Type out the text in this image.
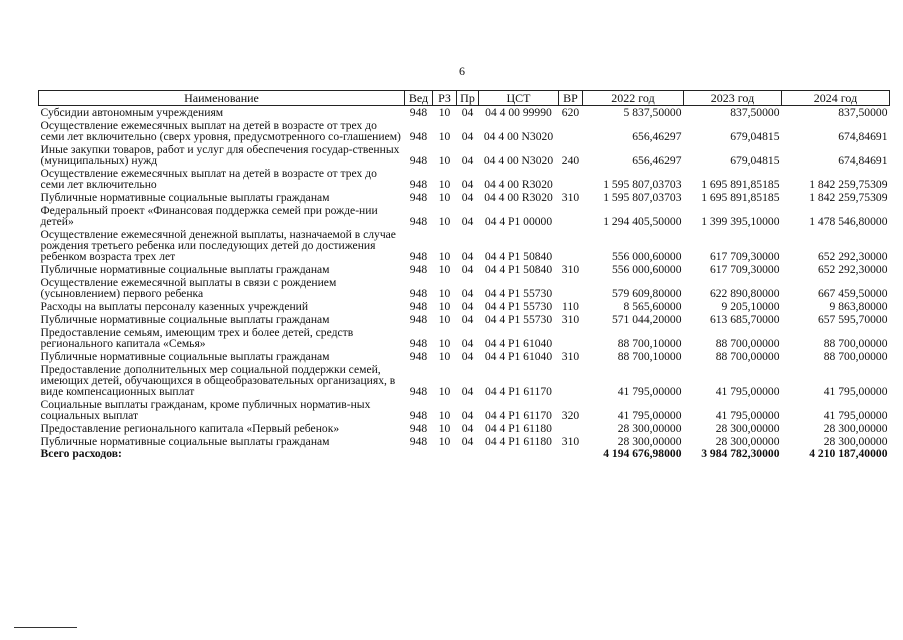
6
Наименование	Вед	РЗ	Пр	ЦСТ	ВР	2022 год	2023 год	2024 год
Субсидии автономным учреждениям	948	10	04	04 4 00 99990	620	5 837,50000	837,50000	837,50000
Осуществление ежемесячных выплат на детей в возрасте от трех до семи лет включительно (сверх уровня, предусмотренного со-глашением)	948	10	04	04 4 00 N3020		656,46297	679,04815	674,84691
Иные закупки товаров, работ и услуг для обеспечения государ-ственных (муниципальных) нужд	948	10	04	04 4 00 N3020	240	656,46297	679,04815	674,84691
Осуществление ежемесячных выплат на детей в возрасте от трех до семи лет включительно	948	10	04	04 4 00 R3020		1 595 807,03703	1 695 891,85185	1 842 259,75309
Публичные нормативные социальные выплаты гражданам	948	10	04	04 4 00 R3020	310	1 595 807,03703	1 695 891,85185	1 842 259,75309
Федеральный проект «Финансовая поддержка семей при рожде-нии детей»	948	10	04	04 4 P1 00000		1 294 405,50000	1 399 395,10000	1 478 546,80000
Осуществление ежемесячной денежной выплаты, назначаемой в случае рождения третьего ребенка или последующих детей до достижения ребенком возраста трех лет	948	10	04	04 4 P1 50840		556 000,60000	617 709,30000	652 292,30000
Публичные нормативные социальные выплаты гражданам	948	10	04	04 4 P1 50840	310	556 000,60000	617 709,30000	652 292,30000
Осуществление ежемесячной выплаты в связи с рождением (усыновлением) первого ребенка	948	10	04	04 4 P1 55730		579 609,80000	622 890,80000	667 459,50000
Расходы на выплаты персоналу казенных учреждений	948	10	04	04 4 P1 55730	110	8 565,60000	9 205,10000	9 863,80000
Публичные нормативные социальные выплаты гражданам	948	10	04	04 4 P1 55730	310	571 044,20000	613 685,70000	657 595,70000
Предоставление семьям, имеющим трех и более детей, средств регионального капитала «Семья»	948	10	04	04 4 P1 61040		88 700,10000	88 700,00000	88 700,00000
Публичные нормативные социальные выплаты гражданам	948	10	04	04 4 P1 61040	310	88 700,10000	88 700,00000	88 700,00000
Предоставление дополнительных мер социальной поддержки семей, имеющих детей, обучающихся в общеобразовательных организациях, в виде компенсационных выплат	948	10	04	04 4 P1 61170		41 795,00000	41 795,00000	41 795,00000
Социальные выплаты гражданам, кроме публичных норматив-ных социальных выплат	948	10	04	04 4 P1 61170	320	41 795,00000	41 795,00000	41 795,00000
Предоставление регионального капитала «Первый ребенок»	948	10	04	04 4 P1 61180		28 300,00000	28 300,00000	28 300,00000
Публичные нормативные социальные выплаты гражданам	948	10	04	04 4 P1 61180	310	28 300,00000	28 300,00000	28 300,00000
Всего расходов:						4 194 676,98000	3 984 782,30000	4 210 187,40000
